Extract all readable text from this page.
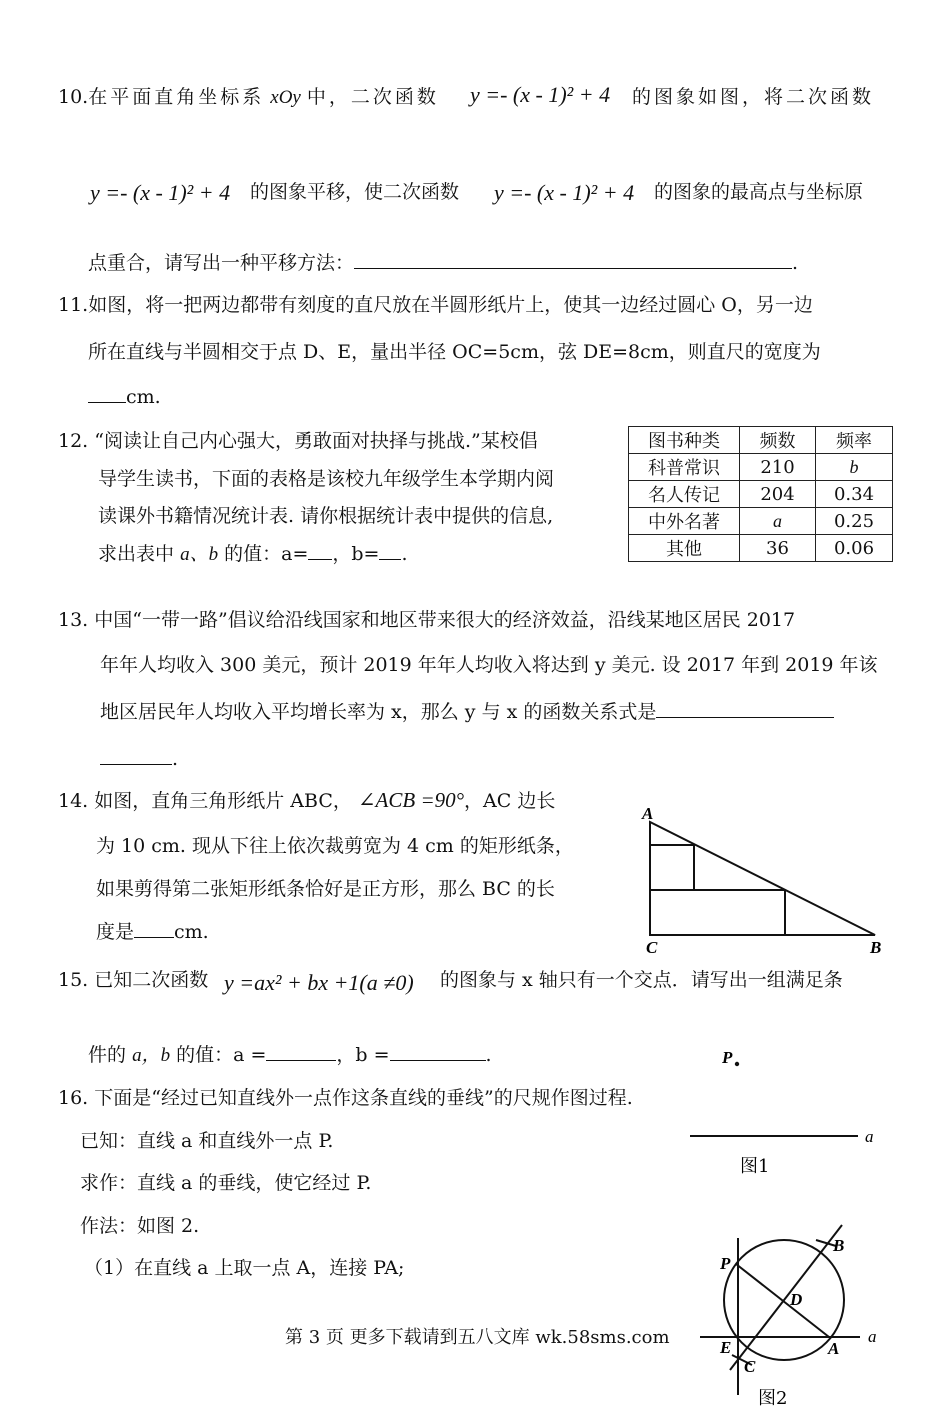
10.在平面直角坐标系 xOy 中，二次函数 y =- (x - 1)² + 4 的图象如图，将二次函数
y =- (x - 1)² + 4 的图象平移，使二次函数 y =- (x - 1)² + 4 的图象的最高点与坐标原
点重合，请写出一种平移方法：	.
11.如图，将一把两边都带有刻度的直尺放在半圆形纸片上，使其一边经过圆心 O，另一边
所在直线与半圆相交于点 D、E，量出半径 OC=5cm，弦 DE=8cm，则直尺的宽度为
cm.
12. “阅读让自己内心强大，勇敢面对抉择与挑战.”某校倡
导学生读书，下面的表格是该校九年级学生本学期内阅
读课外书籍情况统计表. 请你根据统计表中提供的信息,
求出表中 a、b 的值：a= ，b= .
图书种类	频数	频率
科普常识	210	b
名人传记	204	0.34
中外名著	a	0.25
其他	36	0.06
13. 中国“一带一路”倡议给沿线国家和地区带来很大的经济效益，沿线某地区居民 2017
年年人均收入 300 美元，预计 2019 年年人均收入将达到 y 美元. 设 2017 年到 2019 年该
地区居民年人均收入平均增长率为 x，那么 y 与 x 的函数关系式是
.
14. 如图，直角三角形纸片 ABC， ∠ACB =90°，AC 边长
为 10 cm. 现从下往上依次裁剪宽为 4 cm 的矩形纸条，
如果剪得第二张矩形纸条恰好是正方形，那么 BC 的长
度是 cm.
A
C	B
15. 已知二次函数 y =ax² + bx +1(a ≠0) 的图象与 x 轴只有一个交点．请写出一组满足条
件的 a，b 的值：a =	，b =	.
16. 下面是“经过已知直线外一点作这条直线的垂线”的尺规作图过程.
已知：直线 a 和直线外一点 P.
求作：直线 a 的垂线，使它经过 P.
作法：如图 2.
（1）在直线 a 上取一点 A，连接 PA;
P
a
图1
P
B
D
E	A
C
a
图2
第 3 页 更多下载请到五八文库 wk.58sms.com
